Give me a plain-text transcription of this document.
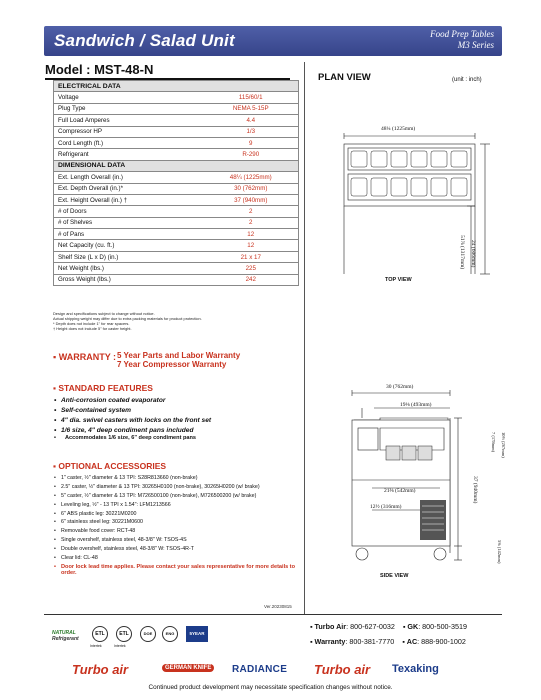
Sandwich / Salad Unit	Food Prep Tables
M3 Series
Model : MST-48-N
ELECTRICAL DATA	
Voltage	115/60/1
Plug Type	NEMA 5-15P
Full Load Amperes	4.4
Compressor HP	1/3
Cord Length (ft.)	9
Refrigerant	R-290
DIMENSIONAL DATA	
Ext. Length Overall (in.)	48¼ (1225mm)
Ext. Depth Overall (in.)*	30 (762mm)
Ext. Height Overall (in.) †	37 (940mm)
# of Doors	2
# of Shelves	2
# of Pans	12
Net Capacity (cu. ft.)	12
Shelf Size (L x D) (in.)	21 x 17
Net Weight (lbs.)	225
Gross Weight (lbs.)	242
Design and specifications subject to change without notice.
Actual shipping weight may differ due to extra packing materials for product protection.
* Depth does not include 1" for rear spacers.
† Height does not include 5" for caster height.
▪ WARRANTY : 5 Year Parts and Labor Warranty
7 Year Compressor Warranty
▪ STANDARD FEATURES
• Anti-corrosion coated evaporator
• Self-contained system
• 4" dia. swivel casters with locks on the front set
• 1/6 size, 4" deep condiment pans included
• Accommodates 1/6 size, 6" deep condiment pans
▪ OPTIONAL ACCESSORIES
• 1" caster, ½" diameter & 13 TPI: S28R813660 (non-brake)
• 2.5" caster, ½" diameter & 13 TPI: 30265H0100 (non-brake), 30265H0200 (w/ brake)
• 5" caster, ½" diameter & 13 TPI: M726500100 (non-brake), M726500200 (w/ brake)
• Leveling leg, ½" - 13 TPI x 1.54": LFM1213566
• 6" ABS plastic leg: 30221M0200
• 6" stainless steel leg: 30221M0600
• Removable food cover: RCT-48
• Single overshelf, stainless steel, 48-3/8" W: TSOS-4S
• Double overshelf, stainless steel, 48-3/8" W: TSOS-4R-T
• Clear lid: CL-48
• Door lock lead time applies. Please contact your sales representative for more details to order.
PLAN VIEW	(unit : inch)
48¼ (1225mm)
51⅞ (1317mm) 24 (606mm)
TOP VIEW
30 (762mm)
19⅛ (493mm)
21⅜ (542mm)
12½ (316mm)
7 (178mm) 10½ (267mm)
37 (940mm)
5⅝ (142mm)
SIDE VIEW
Ver.20230815
NATURAL
Refrigerant
ETL
Intertek
ETL
Intertek
DOE	ENG	5YEAR
▪ Turbo Air: 800-627-0032 ▪ GK: 800-500-3519
▪ Warranty: 800-381-7770 ▪ AC: 888-900-1002
Turbo air	GERMAN KNIFE	RADIANCE Turbo air Texaking
Continued product development may necessitate specification changes without notice.
